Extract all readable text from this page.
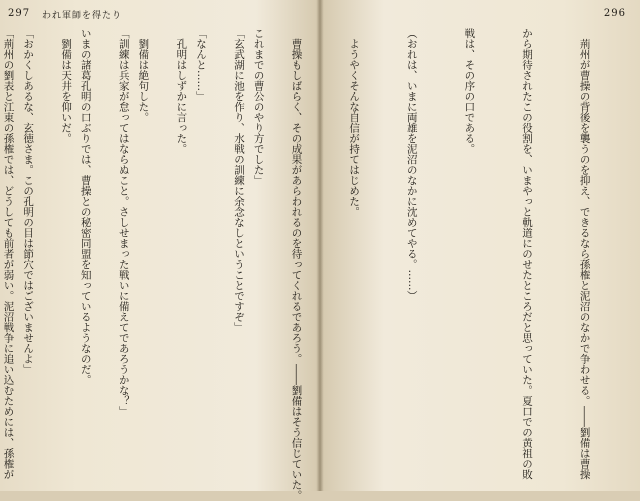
297 われ軍師を得たり	296

　荊州が曹操の背後を襲うのを抑え、できるなら孫権と泥沼のなかで争わせる。――劉備は曹操

から期待されたこの役割を、いまやっと軌道にのせたところだと思っていた。夏口での黄祖の敗

戦は、その序の口である。

（おれは、いまに両雄を泥沼のなかに沈めてやる。……）

　ようやくそんな自信が持てはじめた。

　曹操もしばらく、その成果があらわれるのを待ってくれるであろう。――劉備はそう信じていた。

「玄武湖に池を作り、水戦の訓練に余念なしということですぞ」

　孔明はしずかに言った。

「訓練は兵家が怠ってはならぬこと。さしせまった戦いに備えてであろうかな？」

　劉備は天井を仰いだ。

「荊州の劉表と江東の孫権では、どうしても前者が弱い。泥沼戦争に追い込むためには、孫権が

	これまでの曹公のやり方でした」

「なんと……」

　劉備は絶句した。

いまの諸葛孔明の口ぶりでは、曹操との秘密同盟を知っているようなのだ。

「おかくしあるな、玄徳さま。この孔明の目は節穴ではございませんよ」
